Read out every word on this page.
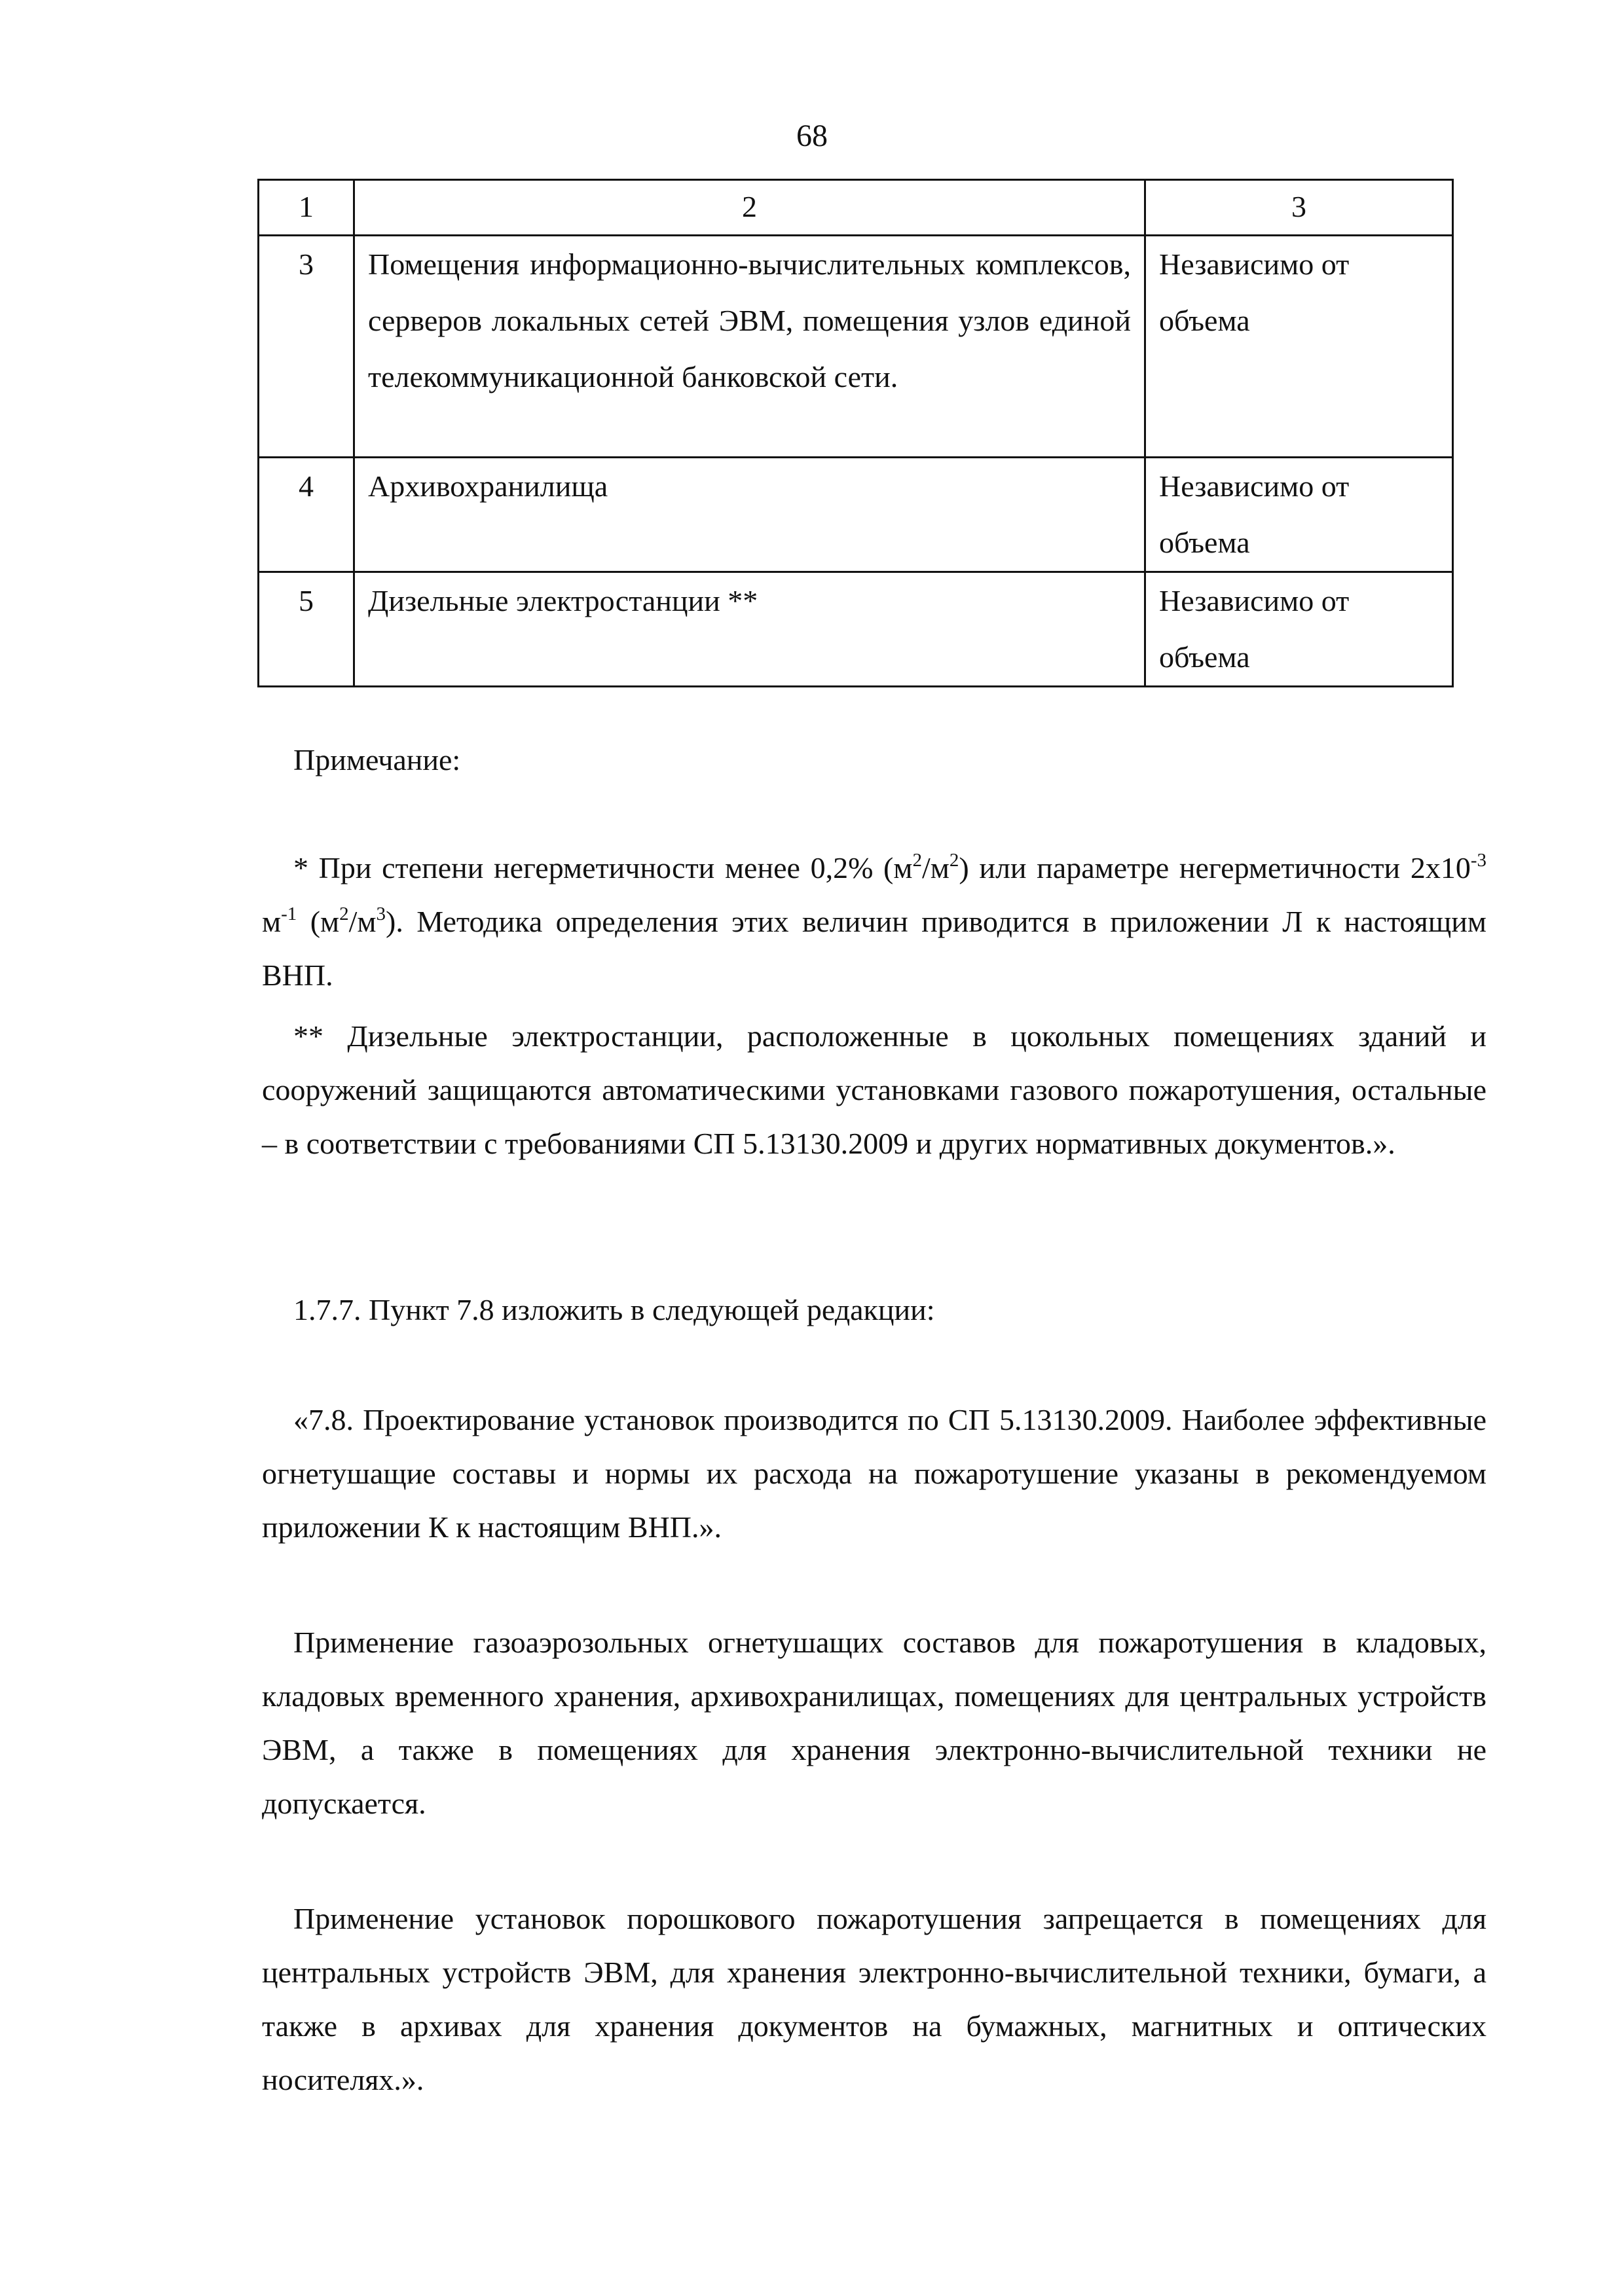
68
1	2	3
3	Помещения информационно-вычислительных комплексов, серверов локальных сетей ЭВМ, помещения узлов единой телекоммуникационной банковской сети.	Независимо от объема
4	Архивохранилища	Независимо от объема
5	Дизельные электростанции **	Независимо от объема
Примечание:
* При степени негерметичности менее 0,2% $(м^2/м^2)$ или параметре негерметичности $2х10^{-3}$ $м^{-1}$ $(м^2/м^3)$. Методика определения этих величин приводится в приложении Л к настоящим ВНП.
** Дизельные электростанции, расположенные в цокольных помещениях зданий и сооружений защищаются автоматическими установками газового пожаротушения, остальные – в соответствии с требованиями СП 5.13130.2009 и других нормативных документов.».
1.7.7. Пункт 7.8 изложить в следующей редакции:
«7.8. Проектирование установок производится по СП 5.13130.2009. Наиболее эффективные огнетушащие составы и нормы их расхода на пожаротушение указаны в рекомендуемом приложении К к настоящим ВНП.».
Применение газоаэрозольных огнетушащих составов для пожаротушения в кладовых, кладовых временного хранения, архивохранилищах, помещениях для центральных устройств ЭВМ, а также в помещениях для хранения электронно-вычислительной техники не допускается.
Применение установок порошкового пожаротушения запрещается в помещениях для центральных устройств ЭВМ, для хранения электронно-вычислительной техники, бумаги, а также в архивах для хранения документов на бумажных, магнитных и оптических носителях.».
